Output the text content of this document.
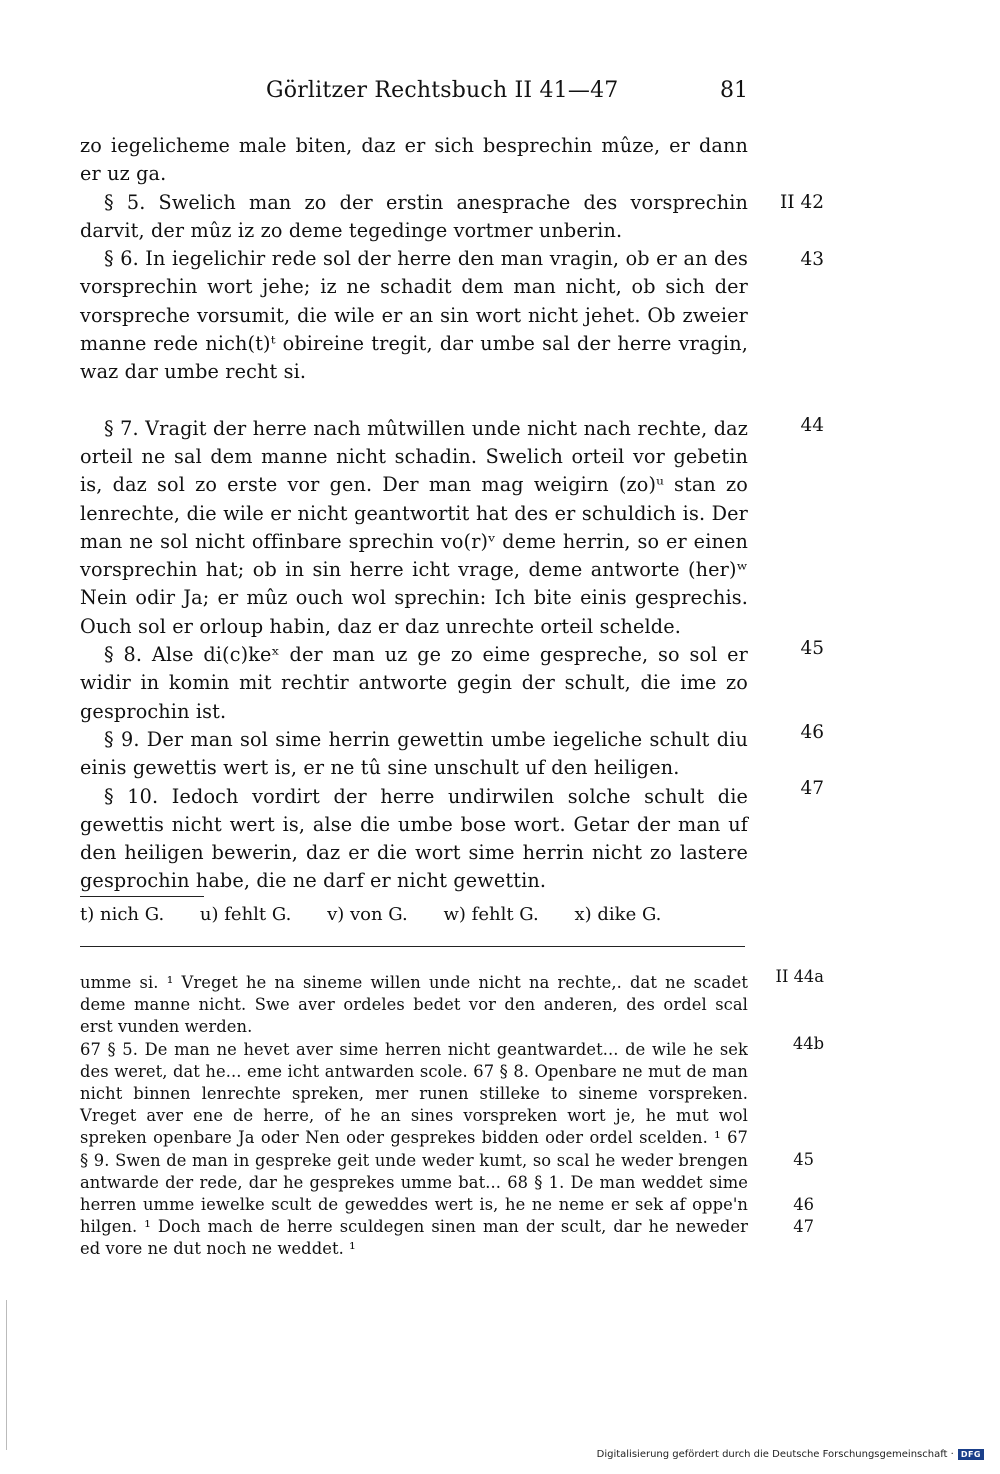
Görlitzer Rechtsbuch II 41—47	81

zo iegelicheme male biten, daz er sich besprechin mûze, er dann er uz ga.

§ 5. Swelich man zo der erstin anesprache des vorsprechin darvit, der mûz iz zo deme tegedinge vortmer unberin.

§ 6. In iegelichir rede sol der herre den man vragin, ob er an des vorsprechin wort jehe; iz ne schadit dem man nicht, ob sich der vorspreche vorsumit, die wile er an sin wort nicht jehet. Ob zweier manne rede nich(t)ᵗ obireine tregit, dar umbe sal der herre vragin, waz dar umbe recht si.

§ 7. Vragit der herre nach mûtwillen unde nicht nach rechte, daz orteil ne sal dem manne nicht schadin. Swelich orteil vor gebetin is, daz sol zo erste vor gen. Der man mag weigirn (zo)ᵘ stan zo lenrechte, die wile er nicht geantwortit hat des er schuldich is. Der man ne sol nicht offinbare sprechin vo(r)ᵛ deme herrin, so er einen vorsprechin hat; ob in sin herre icht vrage, deme antworte (her)ʷ Nein odir Ja; er mûz ouch wol sprechin: Ich bite einis gesprechis. Ouch sol er orloup habin, daz er daz unrechte orteil schelde.

§ 8. Alse di(c)keˣ der man uz ge zo eime gespreche, so sol er widir in komin mit rechtir antworte gegin der schult, die ime zo gesprochin ist.

§ 9. Der man sol sime herrin gewettin umbe iegeliche schult diu einis gewettis wert is, er ne tû sine unschult uf den heiligen.

§ 10. Iedoch vordirt der herre undirwilen solche schult die gewettis nicht wert is, alse die umbe bose wort. Getar der man uf den heiligen bewerin, daz er die wort sime herrin nicht zo lastere gesprochin habe, die ne darf er nicht gewettin.

II 42
43
44
45
46
47
t) nich G. u) fehlt G. v) von G. w) fehlt G. x) dike G.

umme si. ¹ Vreget he na sineme willen unde nicht na rechte,. dat ne scadet deme manne nicht. Swe aver ordeles bedet vor den anderen, des ordel scal erst vunden werden.

67 § 5. De man ne hevet aver sime herren nicht geantwardet... de wile he sek des weret, dat he... eme icht antwarden scole. 67 § 8. Openbare ne mut de man nicht binnen lenrechte spreken, mer runen stilleke to sineme vorspreken. Vreget aver ene de herre, of he an sines vorspreken wort je, he mut wol spreken openbare Ja oder Nen oder gesprekes bidden oder ordel scelden. ¹ 67 § 9. Swen de man in gespreke geit unde weder kumt, so scal he weder brengen antwarde der rede, dar he gesprekes umme bat... 68 § 1. De man weddet sime herren umme iewelke scult de geweddes wert is, he ne neme er sek af oppe'n hilgen. ¹ Doch mach de herre sculdegen sinen man der scult, dar he neweder ed vore ne dut noch ne weddet. ¹

II 44a
44b
45
46
47
Digitalisierung gefördert durch die Deutsche Forschungsgemeinschaft · DFG
